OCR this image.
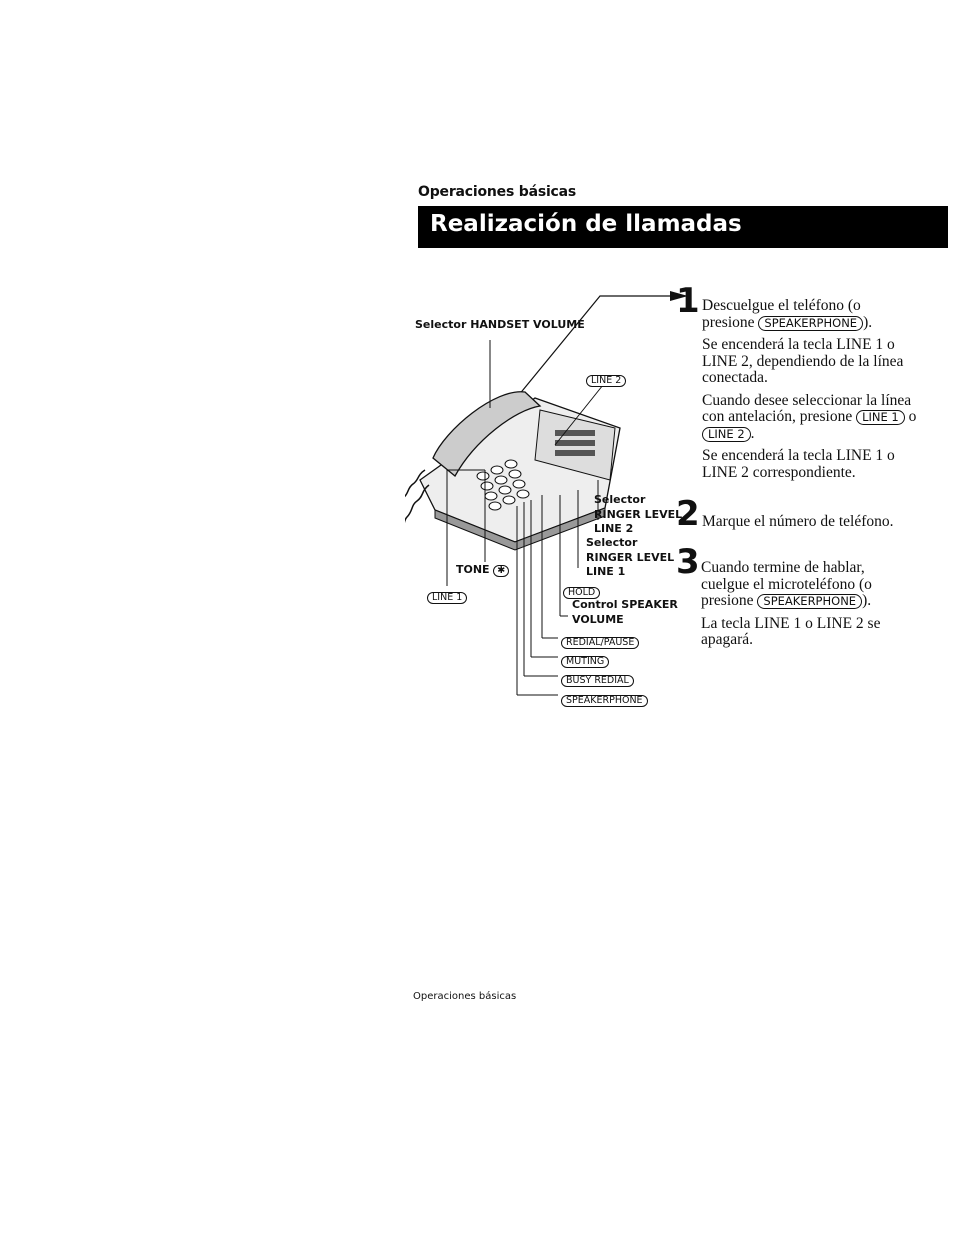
Operaciones básicas
Realización de llamadas
Selector HANDSET VOLUME
LINE 2
Selector
RINGER LEVEL
LINE 2
Selector
RINGER LEVEL
LINE 1
TONE ✱
LINE 1	HOLD
Control SPEAKER
VOLUME
REDIAL/PAUSE
MUTING
BUSY REDIAL
SPEAKERPHONE
1 Descuelgue el teléfono (o presione SPEAKERPHONE ).

Se encenderá la tecla LINE 1 o LINE 2, dependiendo de la línea conectada.

Cuando desee seleccionar la línea con antelación, presione LINE 1 o LINE 2 .

Se encenderá la tecla LINE 1 o LINE 2 correspondiente.

2 Marque el número de teléfono.

3 Cuando termine de hablar, cuelgue el microteléfono (o presione SPEAKERPHONE ).

La tecla LINE 1 o LINE 2 se apagará.

Operaciones básicas
